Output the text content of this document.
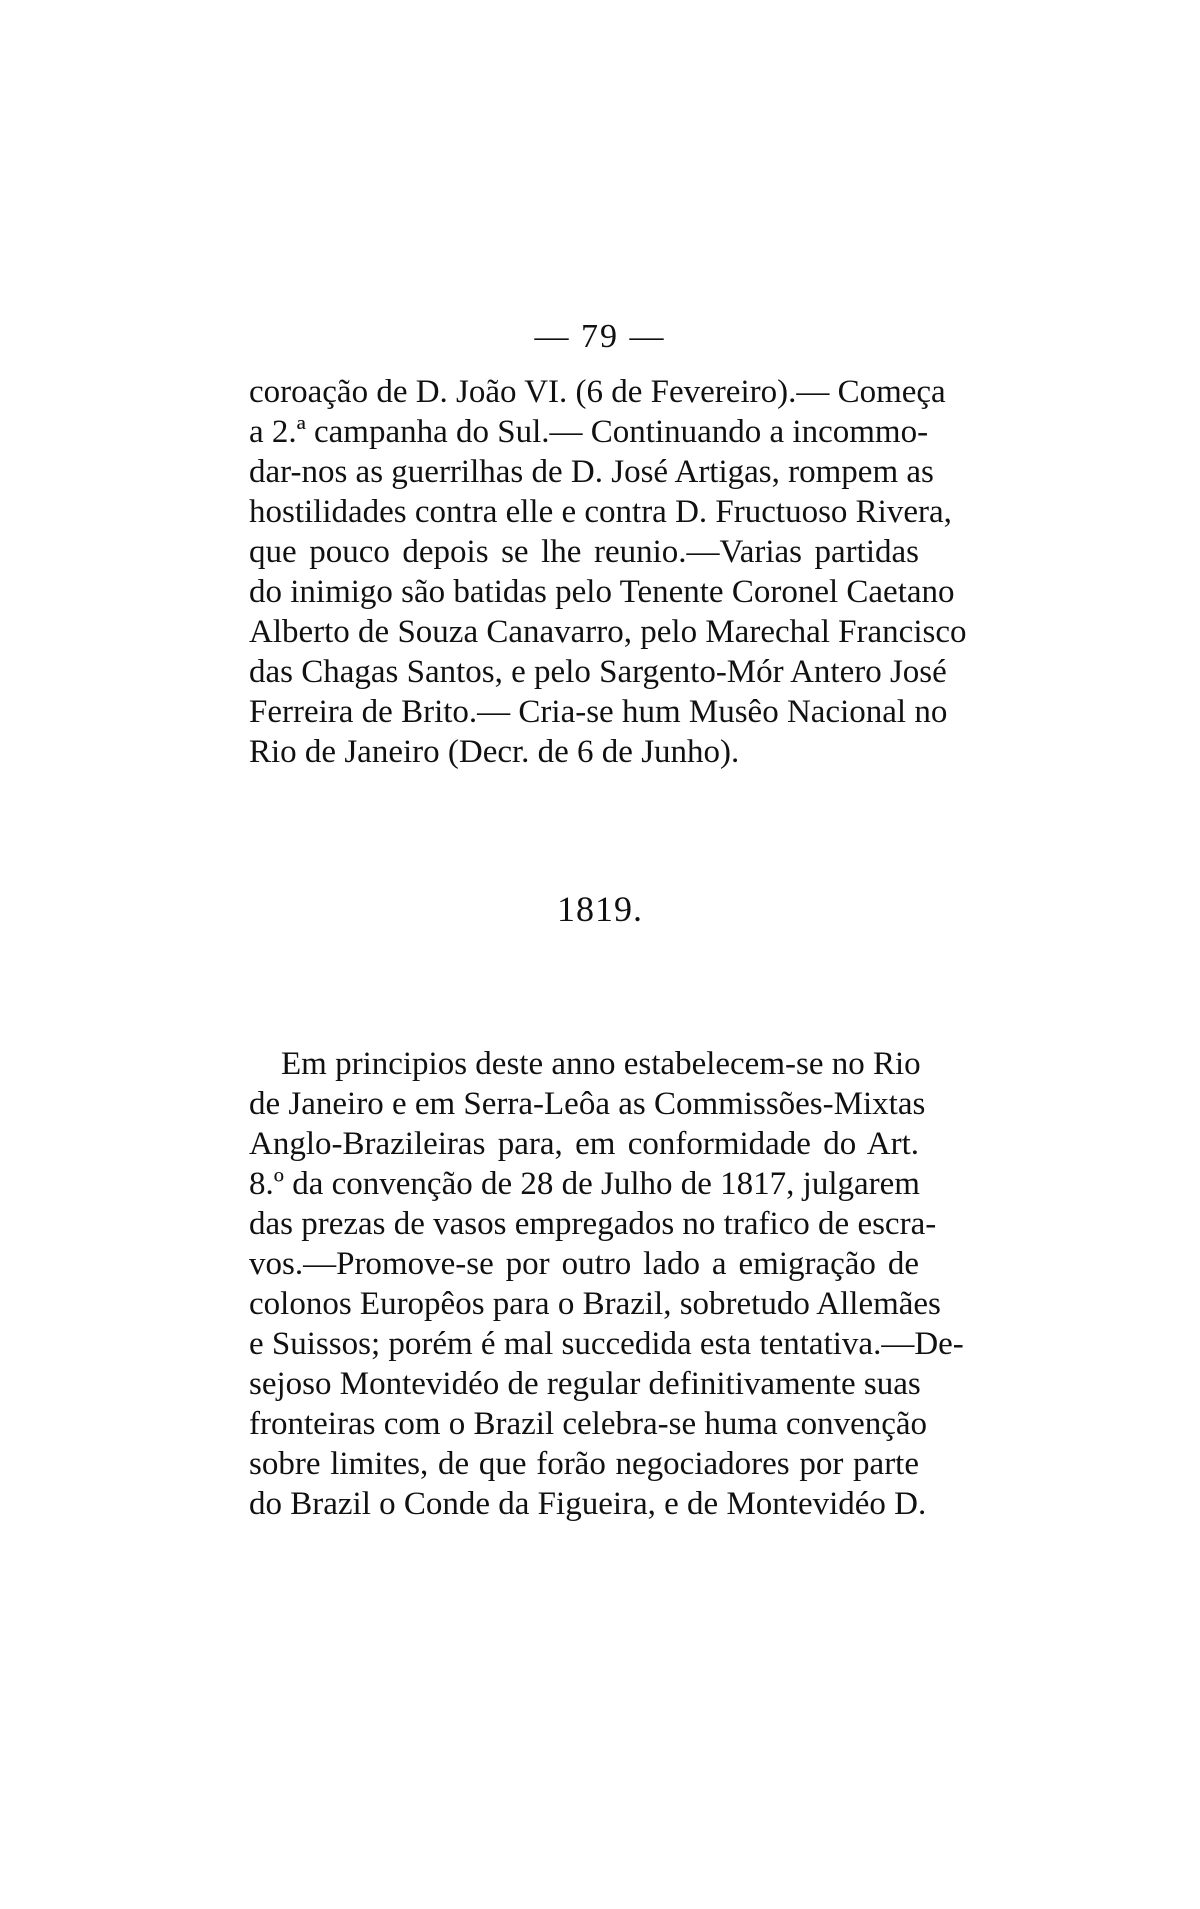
— 79 —
coroação de D. João VI. (6 de Fevereiro).— Começa
a 2.ª campanha do Sul.— Continuando a incommo-
dar-nos as guerrilhas de D. José Artigas, rompem as
hostilidades contra elle e contra D. Fructuoso Rivera,
que pouco depois se lhe reunio.—Varias partidas
do inimigo são batidas pelo Tenente Coronel Caetano
Alberto de Souza Canavarro, pelo Marechal Francisco
das Chagas Santos, e pelo Sargento-Mór Antero José
Ferreira de Brito.— Cria-se hum Musêo Nacional no
Rio de Janeiro (Decr. de 6 de Junho).
1819.
Em principios deste anno estabelecem-se no Rio
de Janeiro e em Serra-Leôa as Commissões-Mixtas
Anglo-Brazileiras para, em conformidade do Art.
8.º da convenção de 28 de Julho de 1817, julgarem
das prezas de vasos empregados no trafico de escra-
vos.—Promove-se por outro lado a emigração de
colonos Europêos para o Brazil, sobretudo Allemães
e Suissos; porém é mal succedida esta tentativa.—De-
sejoso Montevidéo de regular definitivamente suas
fronteiras com o Brazil celebra-se huma convenção
sobre limites, de que forão negociadores por parte
do Brazil o Conde da Figueira, e de Montevidéo D.
